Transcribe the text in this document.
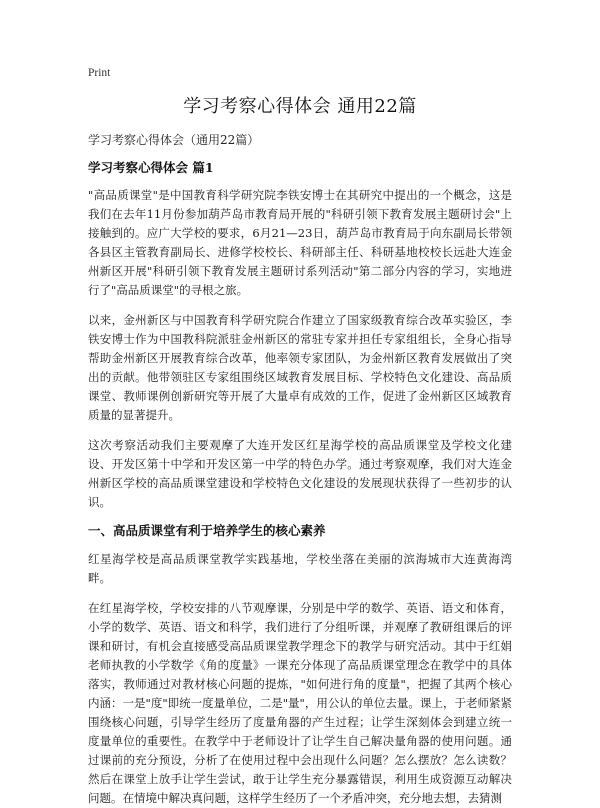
Print
学习考察心得体会 通用22篇
学习考察心得体会（通用22篇）
学习考察心得体会 篇1

"高品质课堂"是中国教育科学研究院李铁安博士在其研究中提出的一个概念，这是我们在去年11月份参加葫芦岛市教育局开展的"科研引领下教育发展主题研讨会"上接触到的。应广大学校的要求，6月21—23日，葫芦岛市教育局于向东副局长带领各县区主管教育副局长、进修学校校长、科研部主任、科研基地校校长远赴大连金州新区开展"科研引领下教育发展主题研讨系列活动"第二部分内容的学习，实地进行了"高品质课堂"的寻根之旅。

以来，金州新区与中国教育科学研究院合作建立了国家级教育综合改革实验区，李铁安博士作为中国教科院派驻金州新区的常驻专家并担任专家组组长，全身心指导帮助金州新区开展教育综合改革，他率领专家团队，为金州新区教育发展做出了突出的贡献。他带领驻区专家组围绕区域教育发展目标、学校特色文化建设、高品质课堂、教师课例创新研究等开展了大量卓有成效的工作，促进了金州新区区域教育质量的显著提升。

这次考察活动我们主要观摩了大连开发区红星海学校的高品质课堂及学校文化建设、开发区第十中学和开发区第一中学的特色办学。通过考察观摩，我们对大连金州新区学校的高品质课堂建设和学校特色文化建设的发展现状获得了一些初步的认识。

一、高品质课堂有利于培养学生的核心素养

红星海学校是高品质课堂教学实践基地，学校坐落在美丽的滨海城市大连黄海湾畔。

在红星海学校，学校安排的八节观摩课，分别是中学的数学、英语、语文和体育，小学的数学、英语、语文和科学，我们进行了分组听课，并观摩了教研组课后的评课和研讨，有机会直接感受高品质课堂教学理念下的教学与研究活动。其中于红娟老师执教的小学数学《角的度量》一课充分体现了高品质课堂理念在教学中的具体落实，教师通过对教材核心问题的提炼，"如何进行角的度量"，把握了其两个核心内涵：一是"度"即统一度量单位，二是"量"，用公认的单位去量。课上，于老师紧紧围绕核心问题，引导学生经历了度量角器的产生过程；让学生深刻体会到建立统一度量单位的重要性。在教学中于老师设计了让学生自己解决量角器的使用问题。通过课前的充分预设，分析了在使用过程中会出现什么问题？怎么摆放？怎么读数？然后在课堂上放手让学生尝试，敢于让学生充分暴露错误，利用生成资源互动解决问题。在情境中解决真问题，这样学生经历了一个矛盾冲突，充分地去想，去猜测
